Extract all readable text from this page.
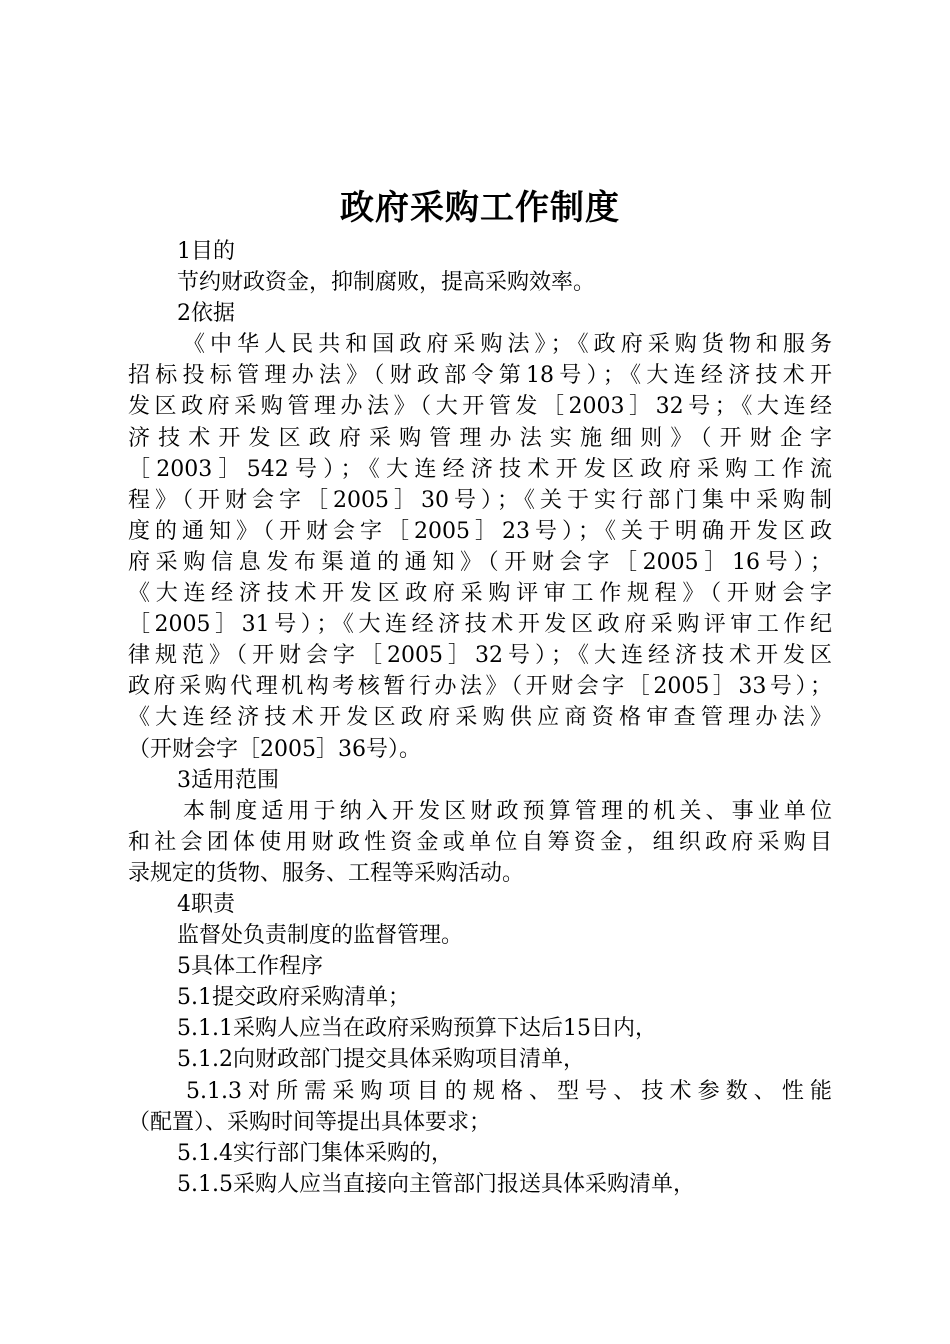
政府采购工作制度

1目的

节约财政资金，抑制腐败，提高采购效率。

2依据

《中华人民共和国政府采购法》；《政府采购货物和服务

招标投标管理办法》（财政部令第18号）；《大连经济技术开

发区政府采购管理办法》（大开管发［2003］32号；《大连经

济技术开发区政府采购管理办法实施细则》（开财企字

［2003］542号）；《大连经济技术开发区政府采购工作流

程》（开财会字［2005］30号）；《关于实行部门集中采购制

度的通知》（开财会字［2005］23号）；《关于明确开发区政

府采购信息发布渠道的通知》（开财会字［2005］16号）；

《大连经济技术开发区政府采购评审工作规程》（开财会字

［2005］31号）；《大连经济技术开发区政府采购评审工作纪

律规范》（开财会字［2005］32号）；《大连经济技术开发区

政府采购代理机构考核暂行办法》（开财会字［2005］33号）；

《大连经济技术开发区政府采购供应商资格审查管理办法》

（开财会字［2005］36号）。

3适用范围

本制度适用于纳入开发区财政预算管理的机关、事业单位

和社会团体使用财政性资金或单位自筹资金，组织政府采购目

录规定的货物、服务、工程等采购活动。

4职责

监督处负责制度的监督管理。

5具体工作程序

5.1提交政府采购清单；

5.1.1采购人应当在政府采购预算下达后15日内，

5.1.2向财政部门提交具体采购项目清单，

5.1.3对所需采购项目的规格、型号、技术参数、性能

（配置）、采购时间等提出具体要求；

5.1.4实行部门集体采购的，

5.1.5采购人应当直接向主管部门报送具体采购清单，
